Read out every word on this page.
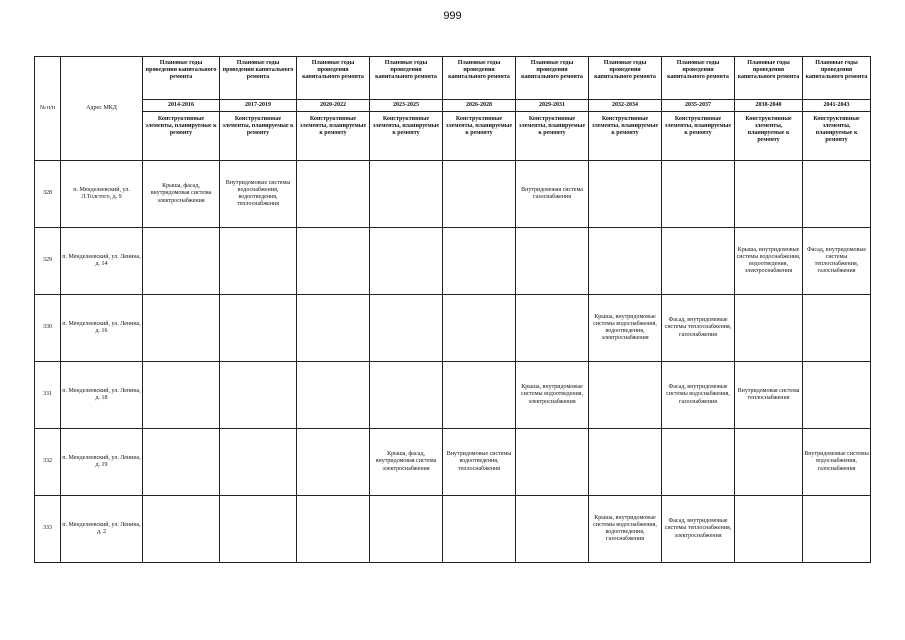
999
№ п/п	Адрес МКД	Плановые годы проведения капитального ремонта	Плановые годы проведения капитального ремонта	Плановые годы проведения капитального ремонта	Плановые годы проведения капитального ремонта	Плановые годы проведения капитального ремонта	Плановые годы проведения капитального ремонта	Плановые годы проведения капитального ремонта	Плановые годы проведения капитального ремонта	Плановые годы проведения капитального ремонта	Плановые годы проведения капитального ремонта
		2014-2016	2017-2019	2020-2022	2023-2025	2026-2028	2029-2031	2032-2034	2035-2037	2038-2040	2041-2043
		Конструктивные элементы, планируемые к ремонту	Конструктивные элементы, планируемые к ремонту	Конструктивные элементы, планируемые к ремонту	Конструктивные элементы, планируемые к ремонту	Конструктивные элементы, планируемые к ремонту	Конструктивные элементы, планируемые к ремонту	Конструктивные элементы, планируемые к ремонту	Конструктивные элементы, планируемые к ремонту	Конструктивные элементы, планируемые к ремонту	Конструктивные элементы, планируемые к ремонту
328	п. Менделеевский, ул. Л.Толстого, д. 9	Крыша, фасад, внутридомовая система электроснабжения	Внутридомовые системы водоснабжения, водоотведения, теплоснабжения				Внутридомовая система газоснабжения				
329	п. Менделеевский, ул. Ленина, д. 14									Крыша, внутридомовые системы водоснабжения, водоотведения, электроснабжения	Фасад, внутридомовые системы теплоснабжения, газоснабжения
330	п. Менделеевский, ул. Ленина, д. 16							Крыша, внутридомовые системы водоснабжения, водоотведения, электроснабжения	Фасад, внутридомовые системы теплоснабжения, газоснабжения		
331	п. Менделеевский, ул. Ленина, д. 18						Крыша, внутридомовые системы водоотведения, электроснабжения		Фасад, внутридомовые системы водоснабжения, газоснабжения	Внутридомовая система теплоснабжения	
332	п. Менделеевский, ул. Ленина, д. 19				Крыша, фасад, внутридомовая система электроснабжения	Внутридомовые системы водоотведения, теплоснабжения					Внутридомовые системы водоснабжения, газоснабжения
333	п. Менделеевский, ул. Ленина, д. 2							Крыша, внутридомовые системы водоснабжения, водоотведения, газоснабжения	Фасад, внутридомовые системы теплоснабжения, электроснабжения		
